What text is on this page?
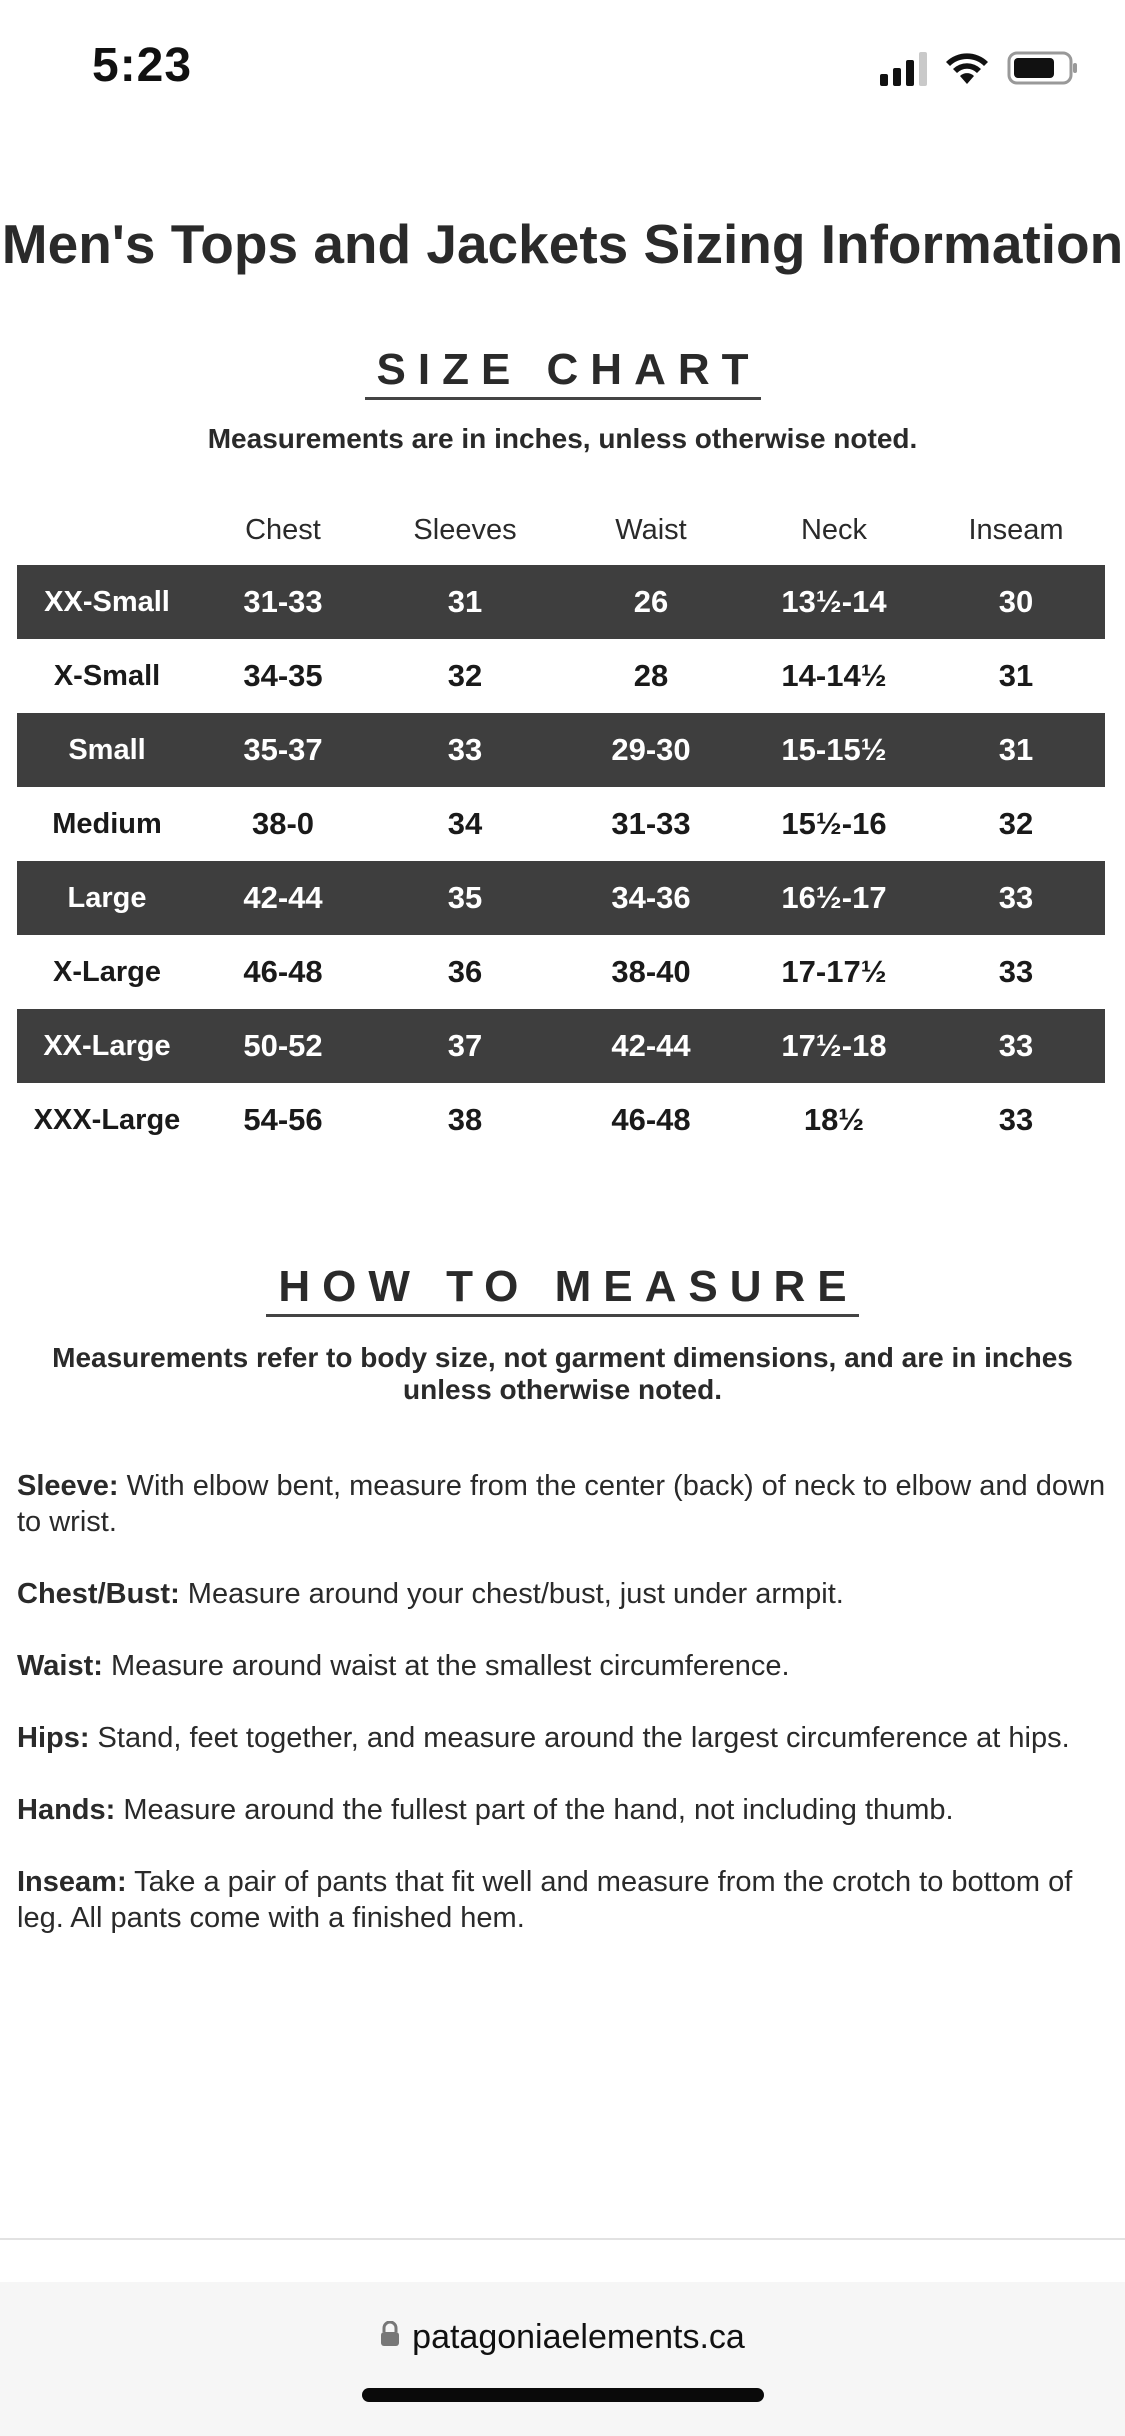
5:23
Men's Tops and Jackets Sizing Information
SIZE CHART
Measurements are in inches, unless otherwise noted.
	Chest	Sleeves	Waist	Neck	Inseam
XX-Small	31-33	31	26	13½-14	30
X-Small	34-35	32	28	14-14½	31
Small	35-37	33	29-30	15-15½	31
Medium	38-0	34	31-33	15½-16	32
Large	42-44	35	34-36	16½-17	33
X-Large	46-48	36	38-40	17-17½	33
XX-Large	50-52	37	42-44	17½-18	33
XXX-Large	54-56	38	46-48	18½	33
HOW TO MEASURE
Measurements refer to body size, not garment dimensions, and are in inches unless otherwise noted.

Sleeve: With elbow bent, measure from the center (back) of neck to elbow and down to wrist.

Chest/Bust: Measure around your chest/bust, just under armpit.

Waist: Measure around waist at the smallest circumference.

Hips: Stand, feet together, and measure around the largest circumference at hips.

Hands: Measure around the fullest part of the hand, not including thumb.

Inseam: Take a pair of pants that fit well and measure from the crotch to bottom of leg. All pants come with a finished hem.

patagoniaelements.ca
